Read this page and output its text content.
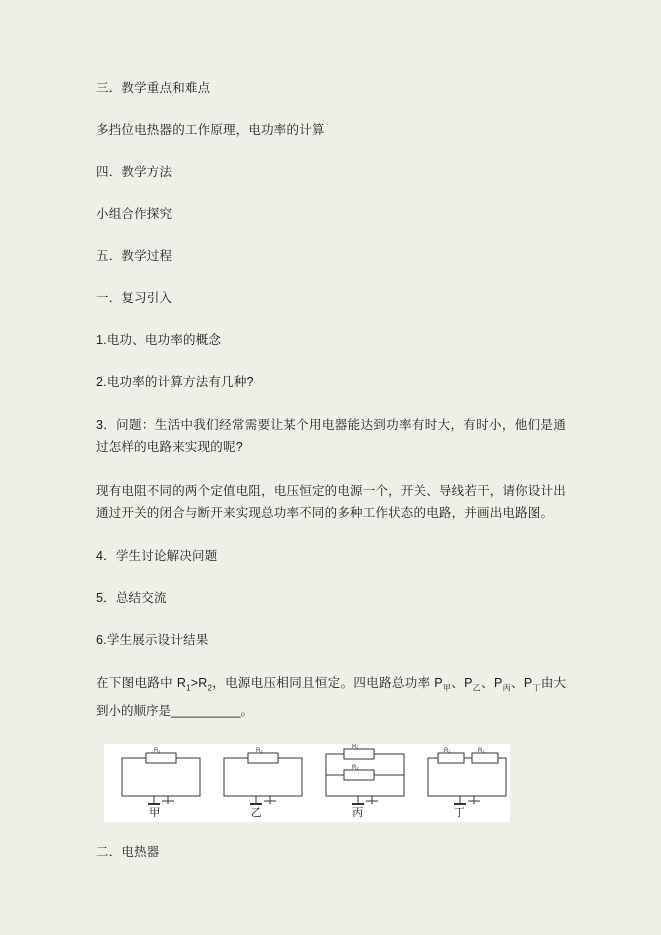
三．教学重点和难点

多挡位电热器的工作原理，电功率的计算

四．教学方法

小组合作探究

五．教学过程

一．复习引入

1.电功、电功率的概念

2.电功率的计算方法有几种?

3．问题：生活中我们经常需要让某个用电器能达到功率有时大，有时小，他们是通过怎样的电路来实现的呢?

现有电阻不同的两个定值电阻，电压恒定的电源一个，开关、导线若干，请你设计出通过开关的闭合与断开来实现总功率不同的多种工作状态的电路，并画出电路图。

4．学生讨论解决问题

5．总结交流

6.学生展示设计结果

在下图电路中 $R_1>R_2$，电源电压相同且恒定。四电路总功率 $P_甲$、$P_乙$、$P_丙$、$P_丁$由大到小的顺序是__________。

R₁	R₂
R₁
R₂
R₁	R₂
甲	乙	丙	丁

二．电热器
